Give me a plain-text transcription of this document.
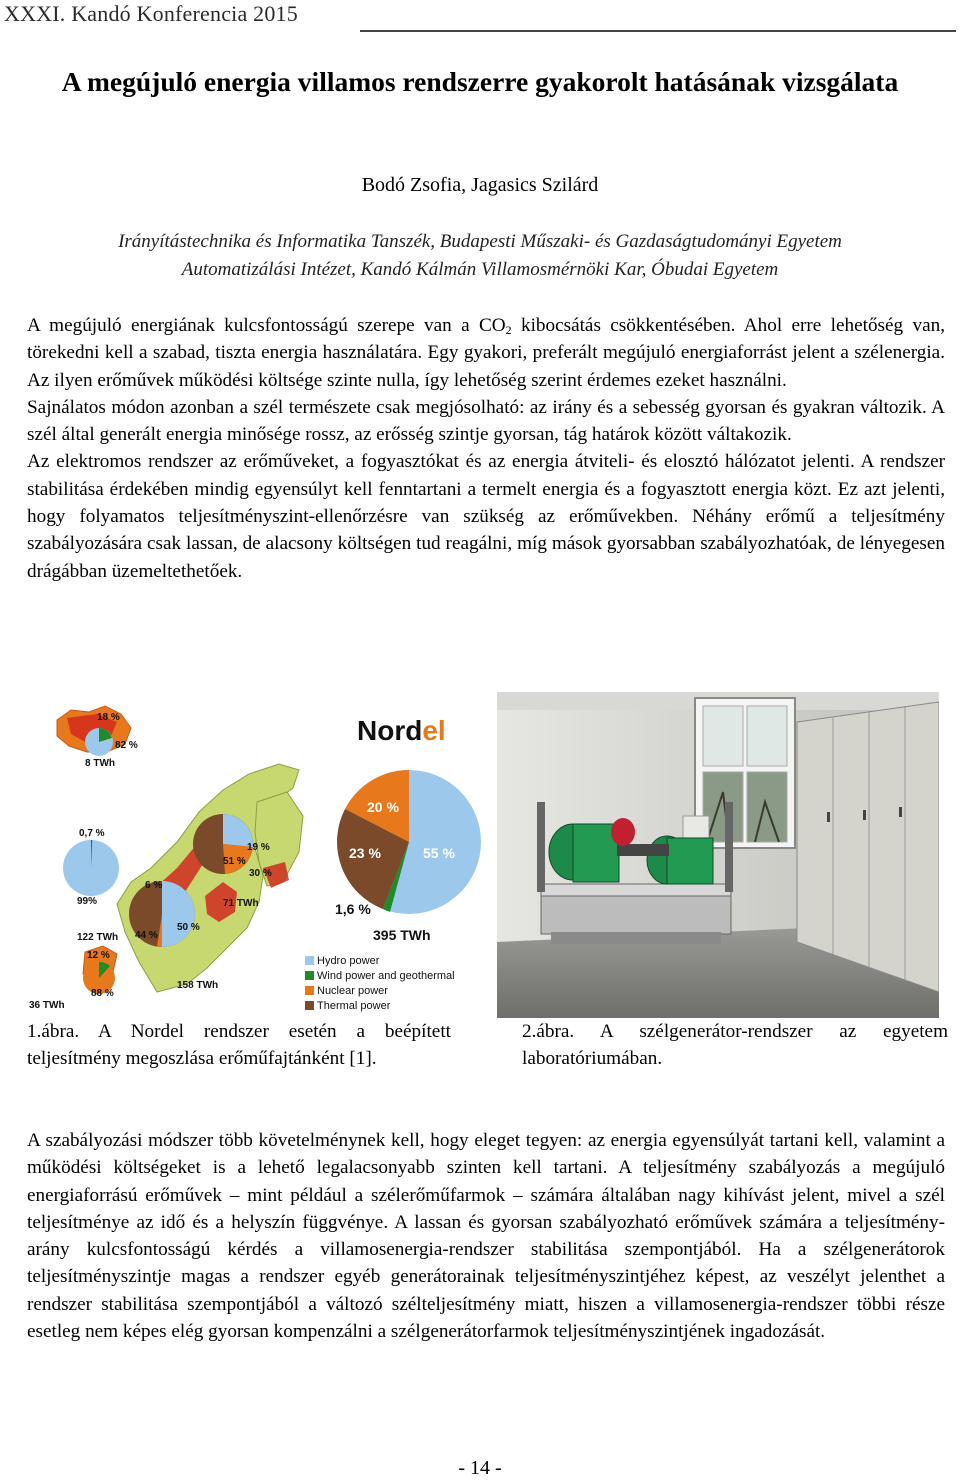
XXXI. Kandó Konferencia 2015
A megújuló energia villamos rendszerre gyakorolt hatásának vizsgálata
Bodó Zsofia, Jagasics Szilárd
Irányítástechnika és Informatika Tanszék, Budapesti Műszaki- és Gazdaságtudományi Egyetem
Automatizálási Intézet, Kandó Kálmán Villamosmérnöki Kar, Óbudai Egyetem

A megújuló energiának kulcsfontosságú szerepe van a $CO_2$ kibocsátás csökkentésében. Ahol erre lehetőség van, törekedni kell a szabad, tiszta energia használatára. Egy gyakori, preferált megújuló energiaforrást jelent a szélenergia. Az ilyen erőművek működési költsége szinte nulla, így lehetőség szerint érdemes ezeket használni.

Sajnálatos módon azonban a szél természete csak megjósolható: az irány és a sebesség gyorsan és gyakran változik. A szél által generált energia minősége rossz, az erősség szintje gyorsan, tág határok között váltakozik.

Az elektromos rendszer az erőműveket, a fogyasztókat és az energia átviteli- és elosztó hálózatot jelenti. A rendszer stabilitása érdekében mindig egyensúlyt kell fenntartani a termelt energia és a fogyasztott energia közt. Ez azt jelenti, hogy folyamatos teljesítményszint-ellenőrzésre van szükség az erőművekben. Néhány erőmű a teljesítmény szabályozására csak lassan, de alacsony költségen tud reagálni, míg mások gyorsabban szabályozhatóak, de lényegesen drágábban üzemeltethetőek.

Nordel
18 %
82 %
8 TWh
0,7 %
99%
6 %
122 TWh
51 %
19 %
30 %
71 TWh
44 %
50 %
158 TWh
12 %
88 %
36 TWh
20 %
23 %	55 %
1,6 %
395 TWh
Hydro power
Wind power and geothermal
Nuclear power
Thermal power
1.ábra. A Nordel rendszer esetén a beépített teljesítmény megoszlása erőműfajtánként [1].
2.ábra. A szélgenerátor-rendszer az egyetem laboratóriumában.

A szabályozási módszer több követelménynek kell, hogy eleget tegyen: az energia egyensúlyát tartani kell, valamint a működési költségeket is a lehető legalacsonyabb szinten kell tartani. A teljesítmény szabályozás a megújuló energiaforrású erőművek – mint például a szélerőműfarmok – számára általában nagy kihívást jelent, mivel a szél teljesítménye az idő és a helyszín függvénye. A lassan és gyorsan szabályozható erőművek számára a teljesítmény-arány kulcsfontosságú kérdés a villamosenergia-rendszer stabilitása szempontjából. Ha a szélgenerátorok teljesítményszintje magas a rendszer egyéb generátorainak teljesítményszintjéhez képest, az veszélyt jelenthet a rendszer stabilitása szempontjából a változó szélteljesítmény miatt, hiszen a villamosenergia-rendszer többi része esetleg nem képes elég gyorsan kompenzálni a szélgenerátorfarmok teljesítményszintjének ingadozását.

- 14 -
